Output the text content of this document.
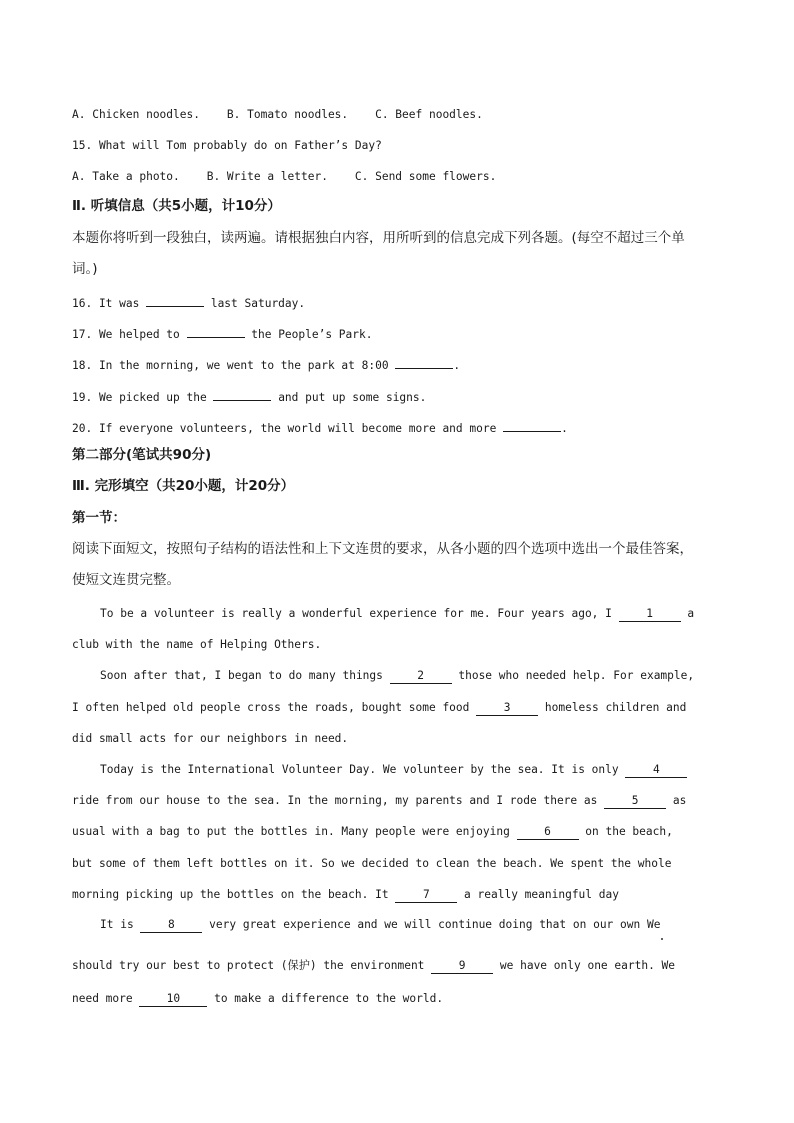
A. Chicken noodles.    B. Tomato noodles.    C. Beef noodles.
15. What will Tom probably do on Father’s Day?
A. Take a photo.    B. Write a letter.    C. Send some flowers.
Ⅱ. 听填信息（共5小题，计10分）
本题你将听到一段独白，读两遍。请根据独白内容，用所听到的信息完成下列各题。(每空不超过三个单
词。)
16. It was	last Saturday.
17. We helped to	the People’s Park.
18. In the morning, we went to the park at 8:00	.
19. We picked up the	and put up some signs.
20. If everyone volunteers, the world will become more and more	.
第二部分(笔试共90分)
Ⅲ. 完形填空（共20小题，计20分）
第一节：
阅读下面短文，按照句子结构的语法性和上下文连贯的要求，从各小题的四个选项中选出一个最佳答案，
使短文连贯完整。
To be a volunteer is really a wonderful experience for me. Four years ago, I 1 a
club with the name of Helping Others.
Soon after that, I began to do many things 2 those who needed help. For example,
I often helped old people cross the roads, bought some food 3 homeless children and
did small acts for our neighbors in need.
Today is the International Volunteer Day. We volunteer by the sea. It is only 4
ride from our house to the sea. In the morning, my parents and I rode there as 5 as
usual with a bag to put the bottles in. Many people were enjoying 6 on the beach,
but some of them left bottles on it. So we decided to clean the beach. We spent the whole
morning picking up the bottles on the beach. It 7 a really meaningful day
It is 8 very great experience and we will continue doing that on our own We
should try our best to protect (保护) the environment 9 we have only one earth. We
need more 10 to make a difference to the world.
